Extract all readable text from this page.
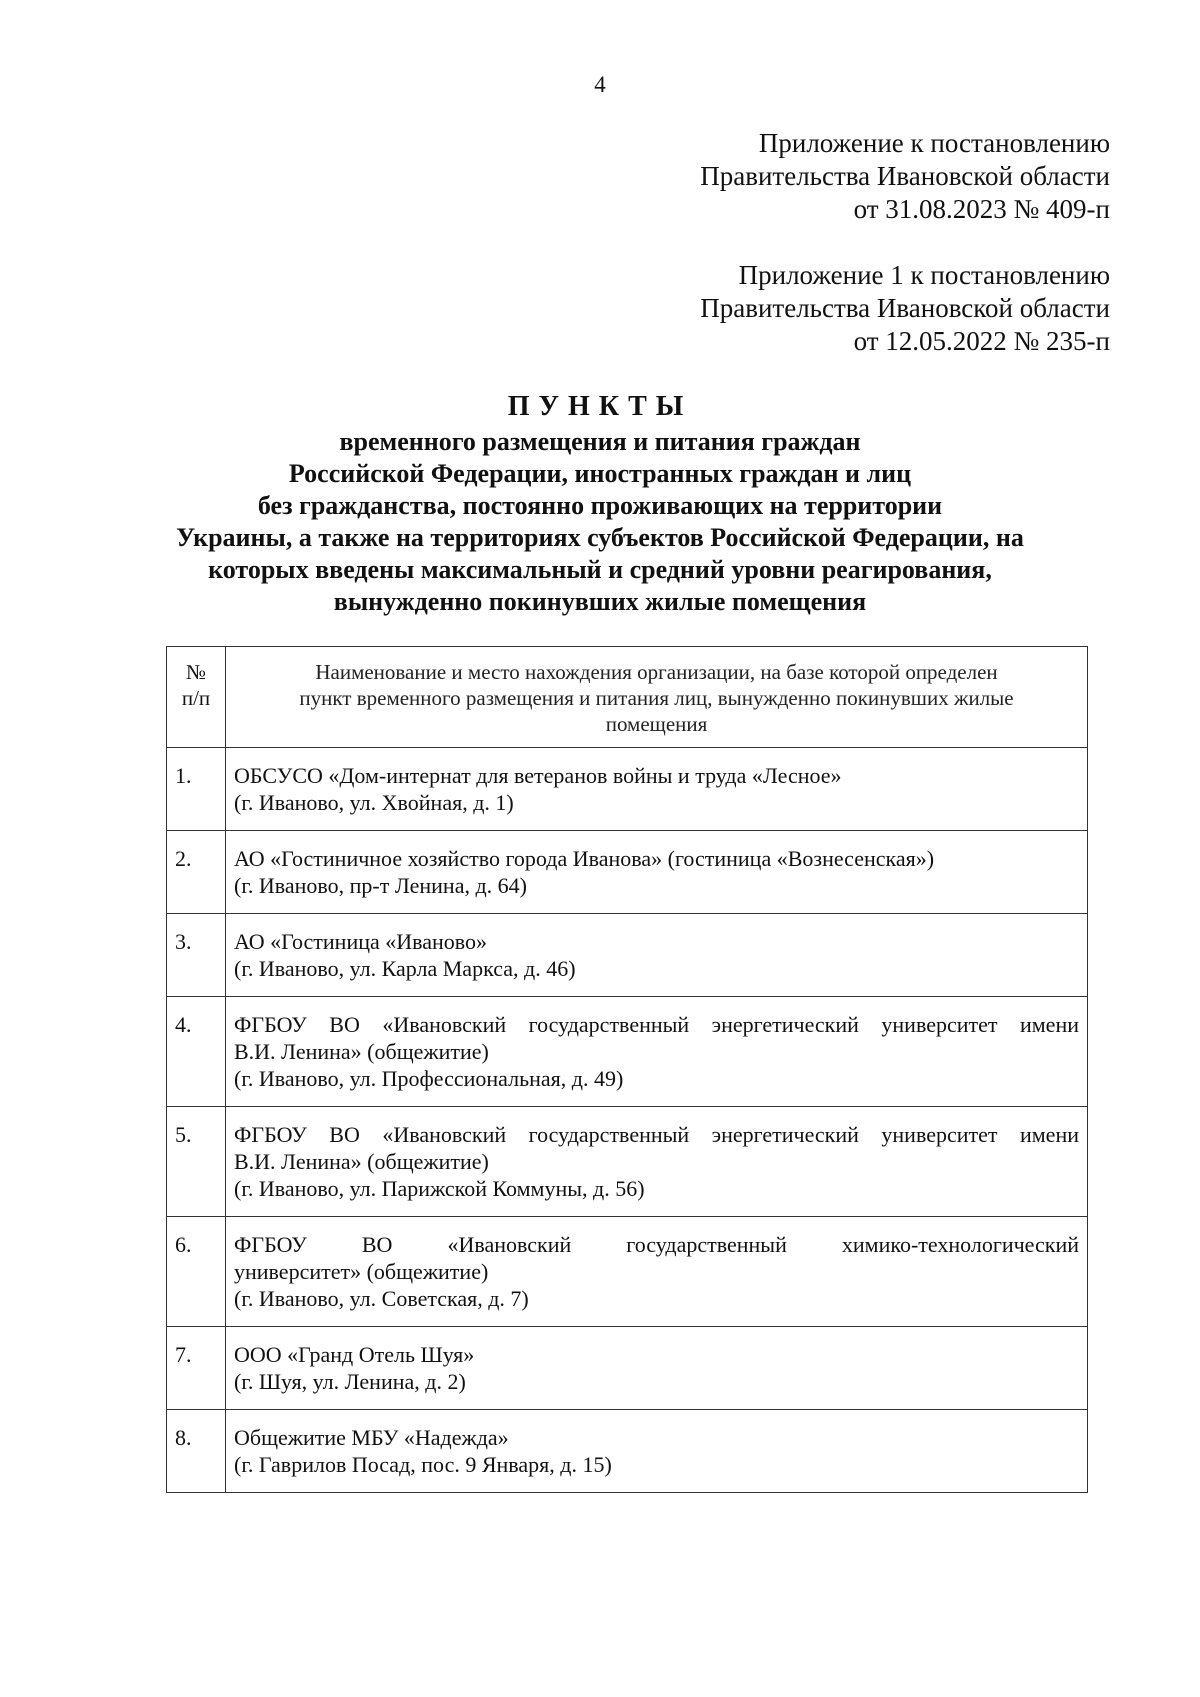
4
Приложение к постановлению
Правительства Ивановской области
от 31.08.2023 № 409-п
Приложение 1 к постановлению
Правительства Ивановской области
от 12.05.2022 № 235-п
ПУНКТЫ
временного размещения и питания граждан
Российской Федерации, иностранных граждан и лиц
без гражданства, постоянно проживающих на территории
Украины, а также на территориях субъектов Российской Федерации, на
которых введены максимальный и средний уровни реагирования,
вынужденно покинувших жилые помещения
№
п/п	Наименование и место нахождения организации, на базе которой определен
пункт временного размещения и питания лиц, вынужденно покинувших жилые
помещения

1.	ОБСУСО «Дом-интернат для ветеранов войны и труда «Лесное»
(г. Иваново, ул. Хвойная, д. 1)

2.	АО «Гостиничное хозяйство города Иванова» (гостиница «Вознесенская»)
(г. Иваново, пр-т Ленина, д. 64)

3.	АО «Гостиница «Иваново»
(г. Иваново, ул. Карла Маркса, д. 46)

4.	ФГБОУ ВО «Ивановский государственный энергетический университет имени
В.И. Ленина» (общежитие)
(г. Иваново, ул. Профессиональная, д. 49)

5.	ФГБОУ ВО «Ивановский государственный энергетический университет имени
В.И. Ленина» (общежитие)
(г. Иваново, ул. Парижской Коммуны, д. 56)

6.	ФГБОУ ВО «Ивановский государственный химико-технологический
университет» (общежитие)
(г. Иваново, ул. Советская, д. 7)

7.	ООО «Гранд Отель Шуя»
(г. Шуя, ул. Ленина, д. 2)

8.	Общежитие МБУ «Надежда»
(г. Гаврилов Посад, пос. 9 Января, д. 15)
